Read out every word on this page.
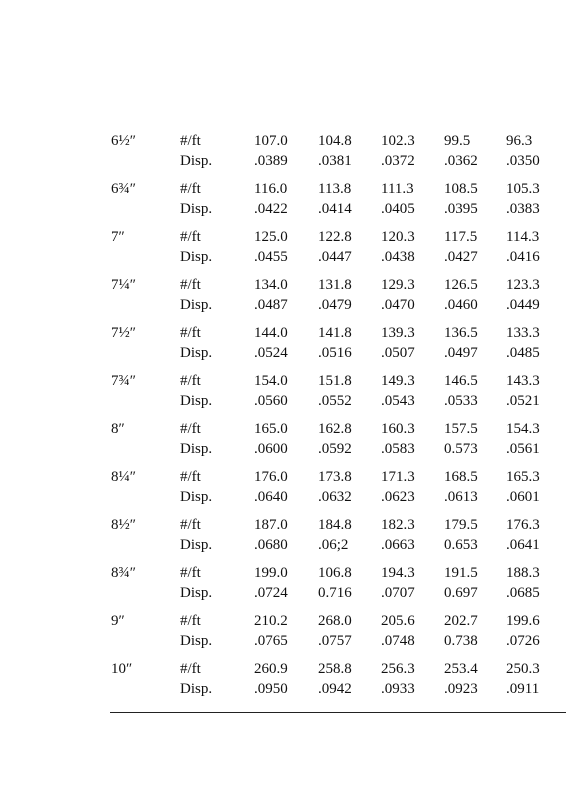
6½″	#/ft	107.0 104.8 102.3 99.5 96.3
Disp.	.0389 .0381 .0372 .0362 .0350
6¾″	#/ft	116.0 113.8 111.3 108.5 105.3
Disp.	.0422 .0414 .0405 .0395 .0383
7″	#/ft	125.0 122.8 120.3 117.5 114.3
Disp.	.0455 .0447 .0438 .0427 .0416
7¼″	#/ft	134.0 131.8 129.3 126.5 123.3
Disp.	.0487 .0479 .0470 .0460 .0449
7½″	#/ft	144.0 141.8 139.3 136.5 133.3
Disp.	.0524 .0516 .0507 .0497 .0485
7¾″	#/ft	154.0 151.8 149.3 146.5 143.3
Disp.	.0560 .0552 .0543 .0533 .0521
8″	#/ft	165.0 162.8 160.3 157.5 154.3
Disp.	.0600 .0592 .0583 0.573 .0561
8¼″	#/ft	176.0 173.8 171.3 168.5 165.3
Disp.	.0640 .0632 .0623 .0613 .0601
8½″	#/ft	187.0 184.8 182.3 179.5 176.3
Disp.	.0680 .06;2 .0663 0.653 .0641
8¾″	#/ft	199.0 106.8 194.3 191.5 188.3
Disp.	.0724 0.716 .0707 0.697 .0685
9″	#/ft	210.2 268.0 205.6 202.7 199.6
Disp.	.0765 .0757 .0748 0.738 .0726
10″	#/ft	260.9 258.8 256.3 253.4 250.3
Disp.	.0950 .0942 .0933 .0923 .0911
